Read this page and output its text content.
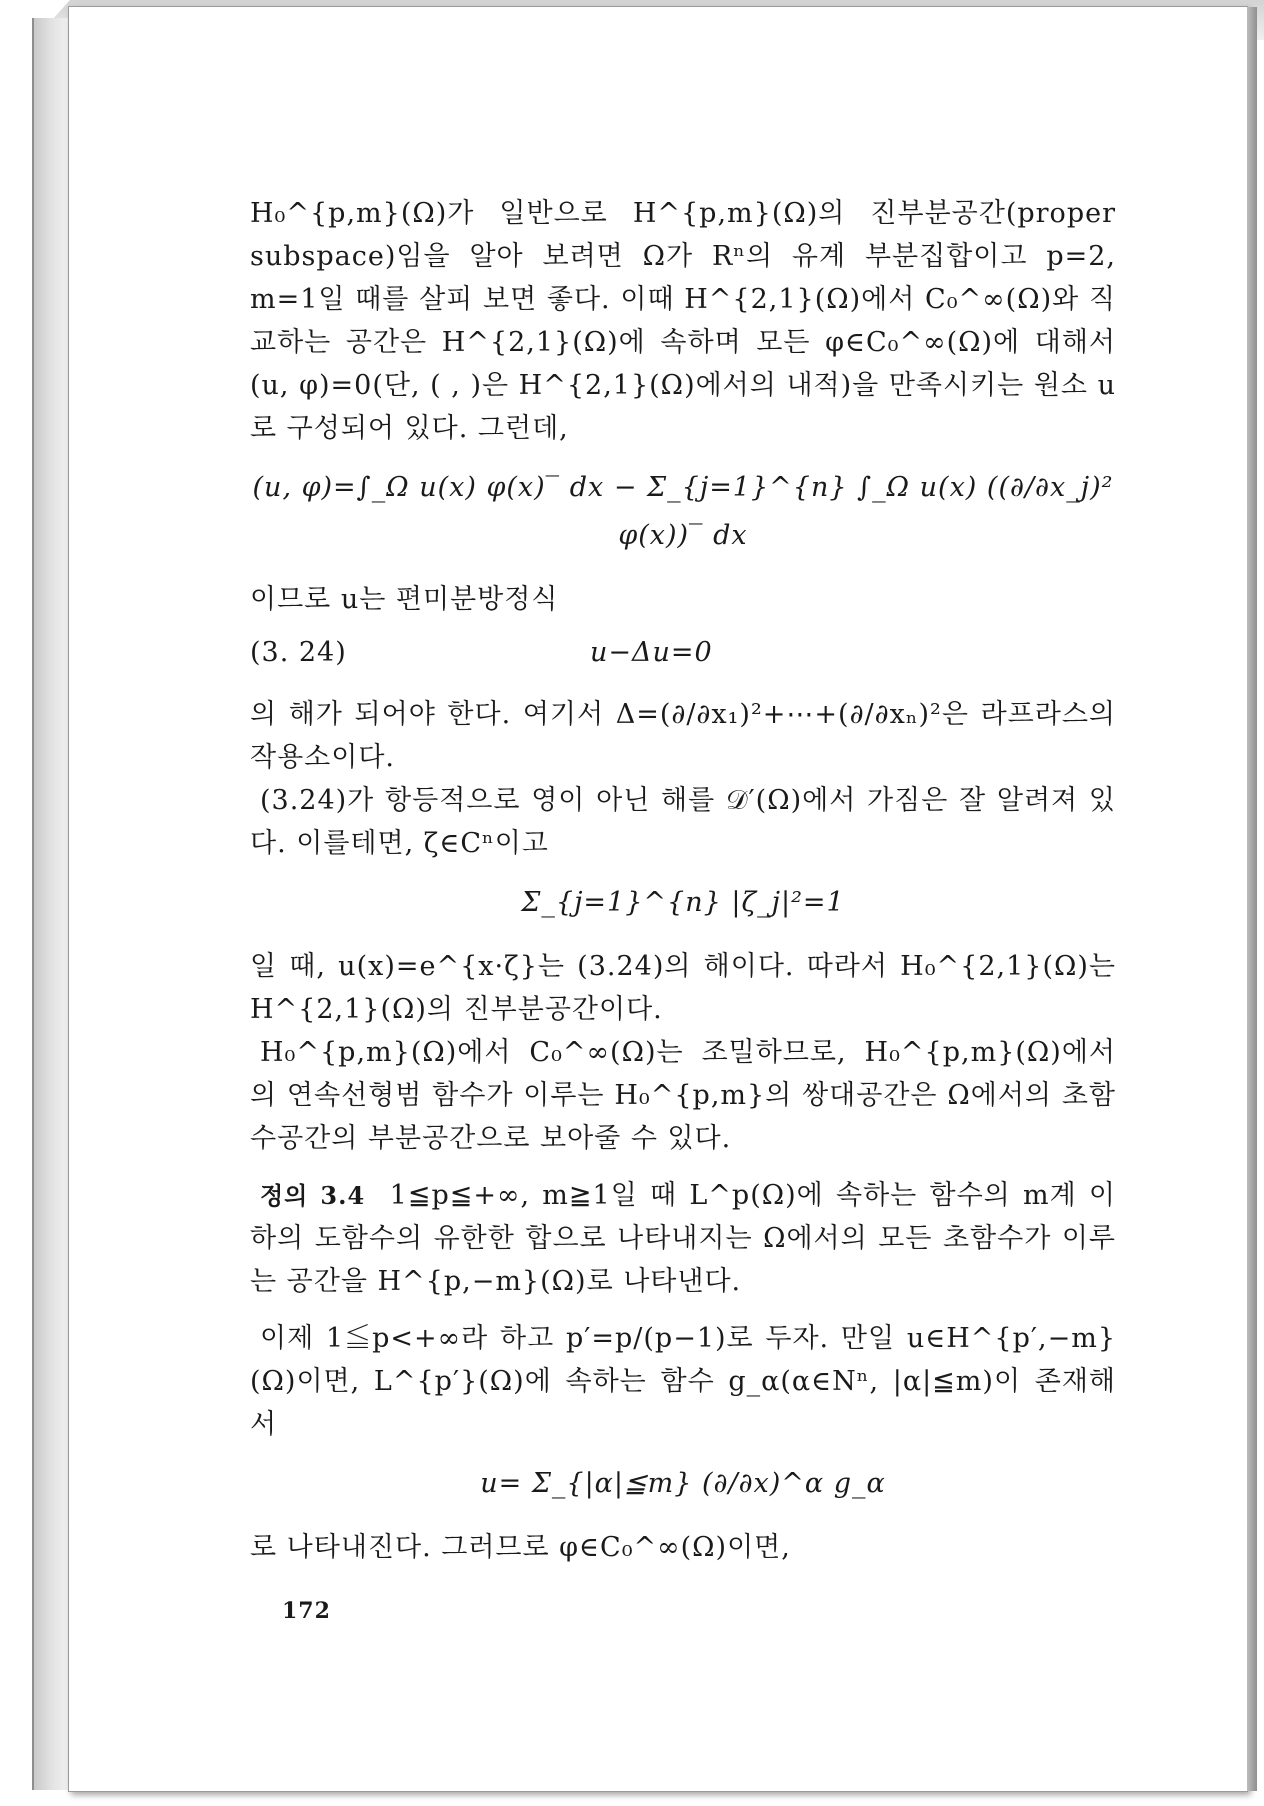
H₀^{p,m}(Ω)가 일반으로 H^{p,m}(Ω)의 진부분공간(proper subspace)임을 알아 보려면 Ω가 Rⁿ의 유계 부분집합이고 p=2, m=1일 때를 살피 보면 좋다. 이때 H^{2,1}(Ω)에서 C₀^∞(Ω)와 직교하는 공간은 H^{2,1}(Ω)에 속하며 모든 φ∈C₀^∞(Ω)에 대해서 (u, φ)=0(단, ( , )은 H^{2,1}(Ω)에서의 내적)을 만족시키는 원소 u로 구성되어 있다. 그런데,

(u, φ)=∫_Ω u(x) φ(x)‾ dx − Σ_{j=1}^{n} ∫_Ω u(x) ((∂/∂x_j)² φ(x))‾ dx

이므로 u는 편미분방정식

(3. 24)	u−Δu=0

의 해가 되어야 한다. 여기서 Δ=(∂/∂x₁)²+⋯+(∂/∂xₙ)²은 라프라스의 작용소이다.

(3.24)가 항등적으로 영이 아닌 해를 𝒟′(Ω)에서 가짐은 잘 알려져 있다. 이를테면, ζ∈Cⁿ이고

Σ_{j=1}^{n} |ζ_j|²=1

일 때, u(x)=e^{x·ζ}는 (3.24)의 해이다. 따라서 H₀^{2,1}(Ω)는 H^{2,1}(Ω)의 진부분공간이다.

H₀^{p,m}(Ω)에서 C₀^∞(Ω)는 조밀하므로, H₀^{p,m}(Ω)에서의 연속선형범 함수가 이루는 H₀^{p,m}의 쌍대공간은 Ω에서의 초함수공간의 부분공간으로 보아줄 수 있다.

정의 3.4 1≦p≦+∞, m≧1일 때 L^p(Ω)에 속하는 함수의 m계 이하의 도함수의 유한한 합으로 나타내지는 Ω에서의 모든 초함수가 이루는 공간을 H^{p,−m}(Ω)로 나타낸다.

이제 1≦p<+∞라 하고 p′=p/(p−1)로 두자. 만일 u∈H^{p′,−m}(Ω)이면, L^{p′}(Ω)에 속하는 함수 g_α(α∈Nⁿ, |α|≦m)이 존재해서

u= Σ_{|α|≦m} (∂/∂x)^α g_α

로 나타내진다. 그러므로 φ∈C₀^∞(Ω)이면,

172
